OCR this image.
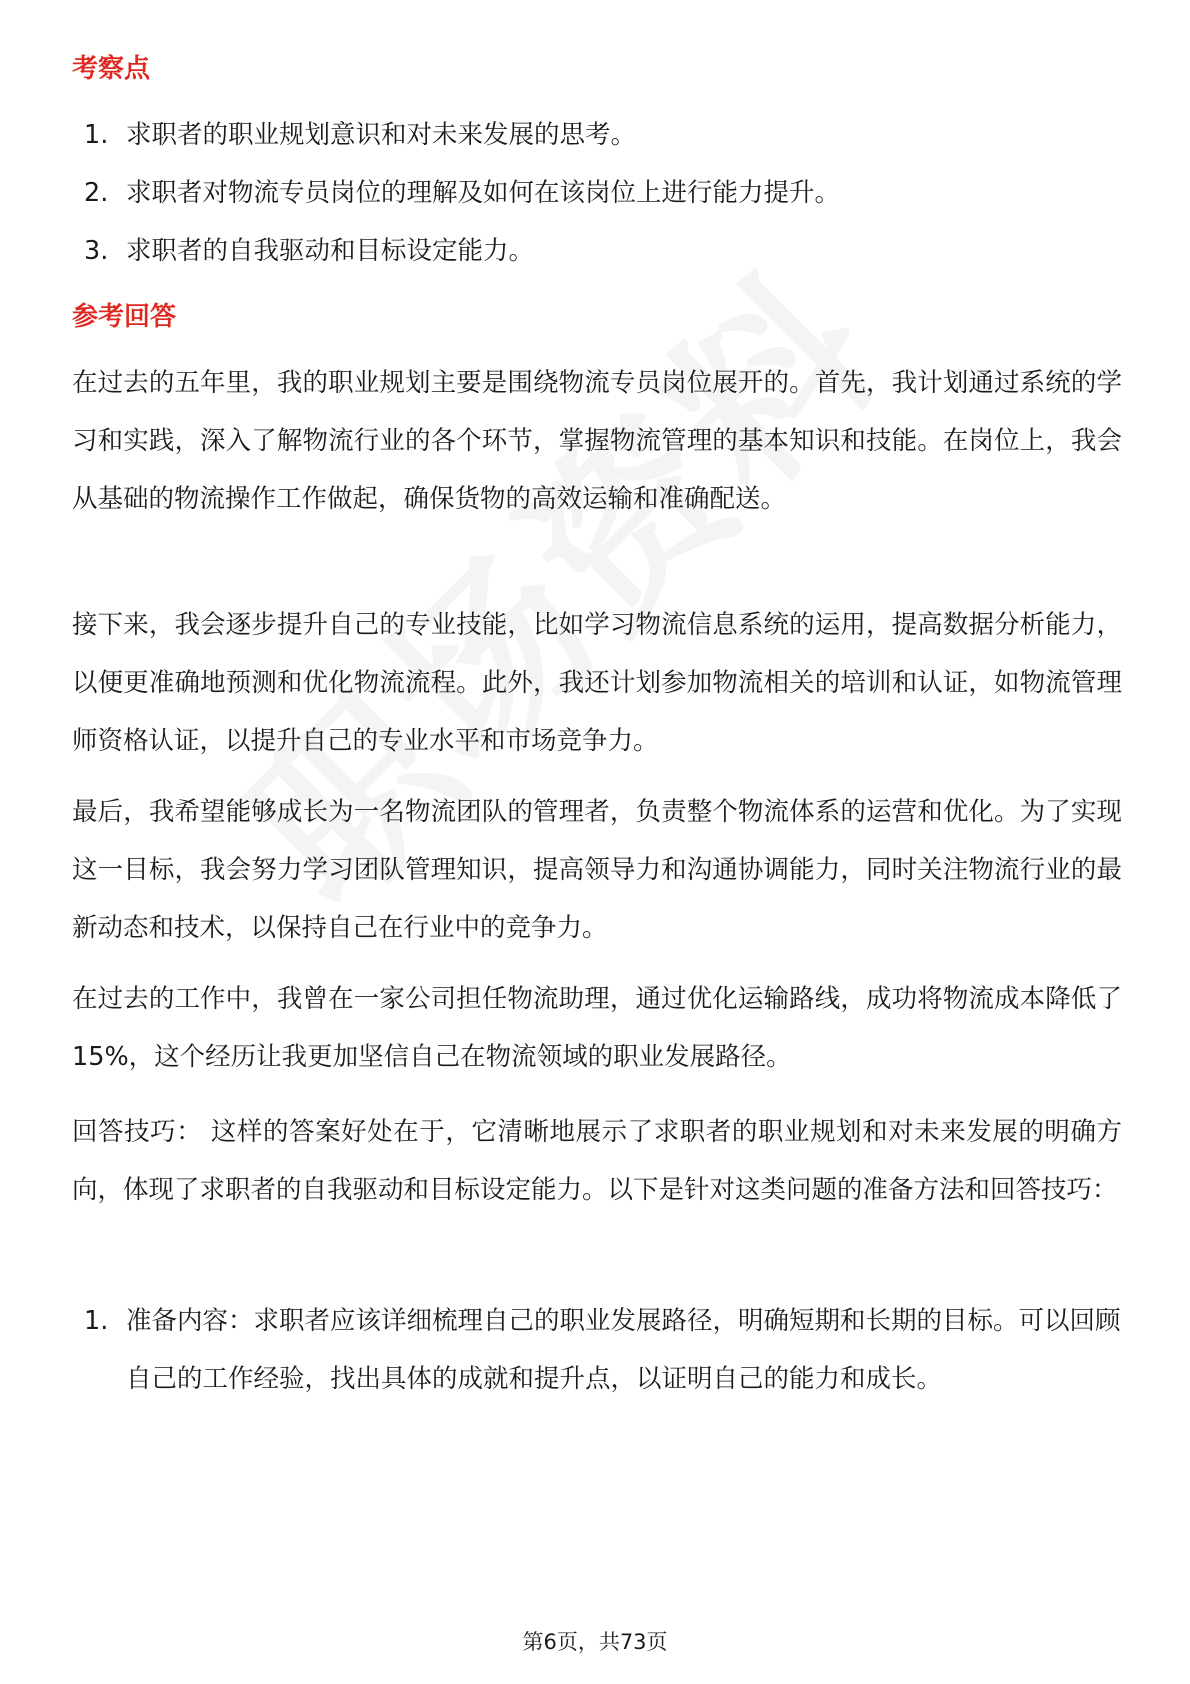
考察点
1. 求职者的职业规划意识和对未来发展的思考。
2. 求职者对物流专员岗位的理解及如何在该岗位上进行能力提升。
3. 求职者的自我驱动和目标设定能力。
参考回答

在过去的五年里，我的职业规划主要是围绕物流专员岗位展开的。首先，我计划通过系统的学习和实践，深入了解物流行业的各个环节，掌握物流管理的基本知识和技能。在岗位上，我会从基础的物流操作工作做起，确保货物的高效运输和准确配送。

接下来，我会逐步提升自己的专业技能，比如学习物流信息系统的运用，提高数据分析能力，以便更准确地预测和优化物流流程。此外，我还计划参加物流相关的培训和认证，如物流管理师资格认证，以提升自己的专业水平和市场竞争力。

最后，我希望能够成长为一名物流团队的管理者，负责整个物流体系的运营和优化。为了实现这一目标，我会努力学习团队管理知识，提高领导力和沟通协调能力，同时关注物流行业的最新动态和技术，以保持自己在行业中的竞争力。

在过去的工作中，我曾在一家公司担任物流助理，通过优化运输路线，成功将物流成本降低了15%，这个经历让我更加坚信自己在物流领域的职业发展路径。

回答技巧： 这样的答案好处在于，它清晰地展示了求职者的职业规划和对未来发展的明确方向，体现了求职者的自我驱动和目标设定能力。以下是针对这类问题的准备方法和回答技巧：

1. 准备内容：求职者应该详细梳理自己的职业发展路径，明确短期和长期的目标。可以回顾自己的工作经验，找出具体的成就和提升点，以证明自己的能力和成长。
第6页，共73页
